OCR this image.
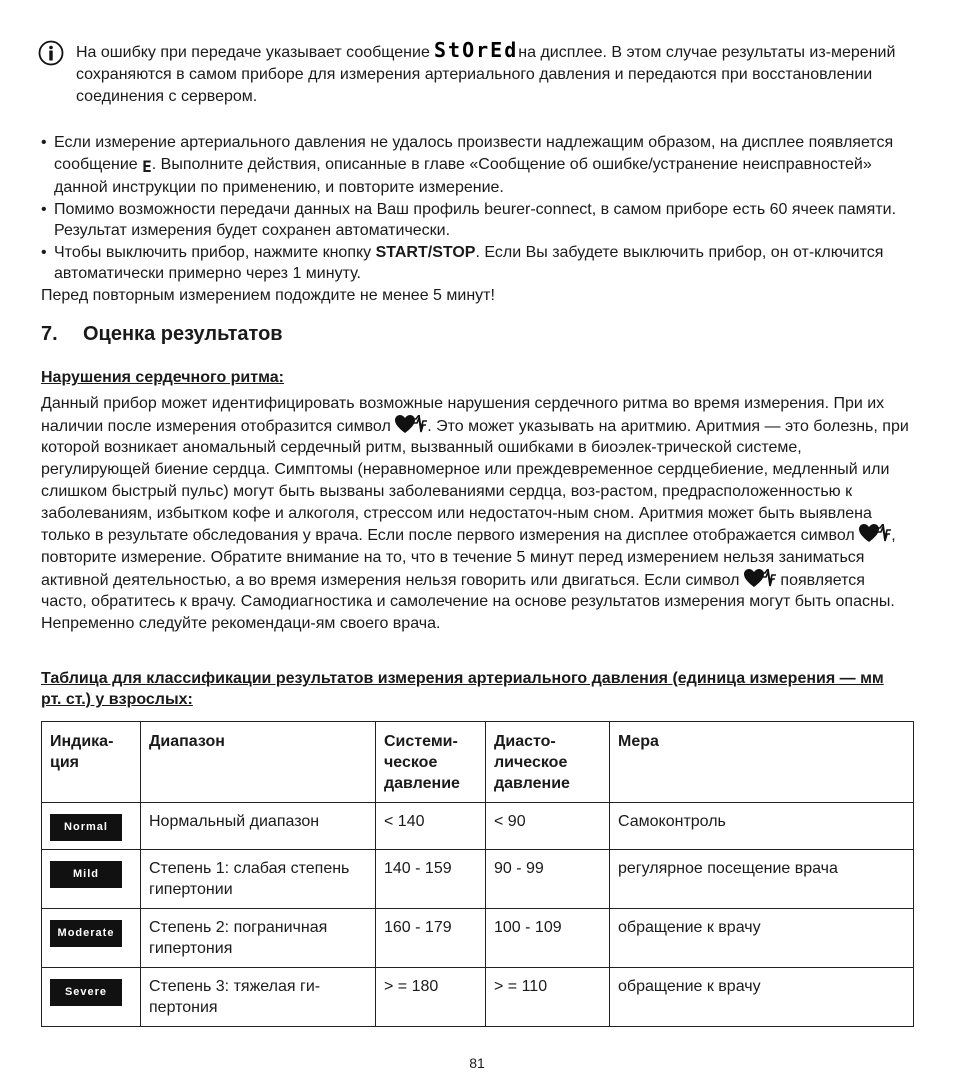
На ошибку при передаче указывает сообщение StOrEd на дисплее. В этом случае результаты из-мерений сохраняются в самом приборе для измерения артериального давления и передаются при восстановлении соединения с сервером.
• Если измерение артериального давления не удалось произвести надлежащим образом, на дисплее появляется сообщение E. Выполните действия, описанные в главе «Сообщение об ошибке/устранение неисправностей» данной инструкции по применению, и повторите измерение.
• Помимо возможности передачи данных на Ваш профиль beurer-connect, в самом приборе есть 60 ячеек памяти. Результат измерения будет сохранен автоматически.
• Чтобы выключить прибор, нажмите кнопку START/STOP. Если Вы забудете выключить прибор, он от-ключится автоматически примерно через 1 минуту.
Перед повторным измерением подождите не менее 5 минут!
7. Оценка результатов
Нарушения сердечного ритма:
Данный прибор может идентифицировать возможные нарушения сердечного ритма во время измерения. При их наличии после измерения отобразится символ . Это может указывать на аритмию. Аритмия — это болезнь, при которой возникает аномальный сердечный ритм, вызванный ошибками в биоэлек-трической системе, регулирующей биение сердца. Симптомы (неравномерное или преждевременное сердцебиение, медленный или слишком быстрый пульс) могут быть вызваны заболеваниями сердца, воз-растом, предрасположенностью к заболеваниям, избытком кофе и алкоголя, стрессом или недостаточ-ным сном. Аритмия может быть выявлена только в результате обследования у врача. Если после первого измерения на дисплее отображается символ , повторите измерение. Обратите внимание на то, что в течение 5 минут перед измерением нельзя заниматься активной деятельностью, а во время измерения нельзя говорить или двигаться. Если символ  появляется часто, обратитесь к врачу. Самодиагностика и самолечение на основе результатов измерения могут быть опасны. Непременно следуйте рекомендаци-ям своего врача.
Таблица для классификации результатов измерения артериального давления (единица измерения — мм рт. ст.) у взрослых:
Индика-ция	Диапазон	Системи-ческое давление	Диасто-лическое давление	Мера
Normal	Нормальный диапазон	< 140	< 90	Самоконтроль
Mild	Степень 1: слабая степень гипертонии	140 - 159	90 - 99	регулярное посещение врача
Moderate	Степень 2: пограничная гипертония	160 - 179	100 - 109	обращение к врачу
Severe	Степень 3: тяжелая ги-пертония	> = 180	> = 110	обращение к врачу
81
